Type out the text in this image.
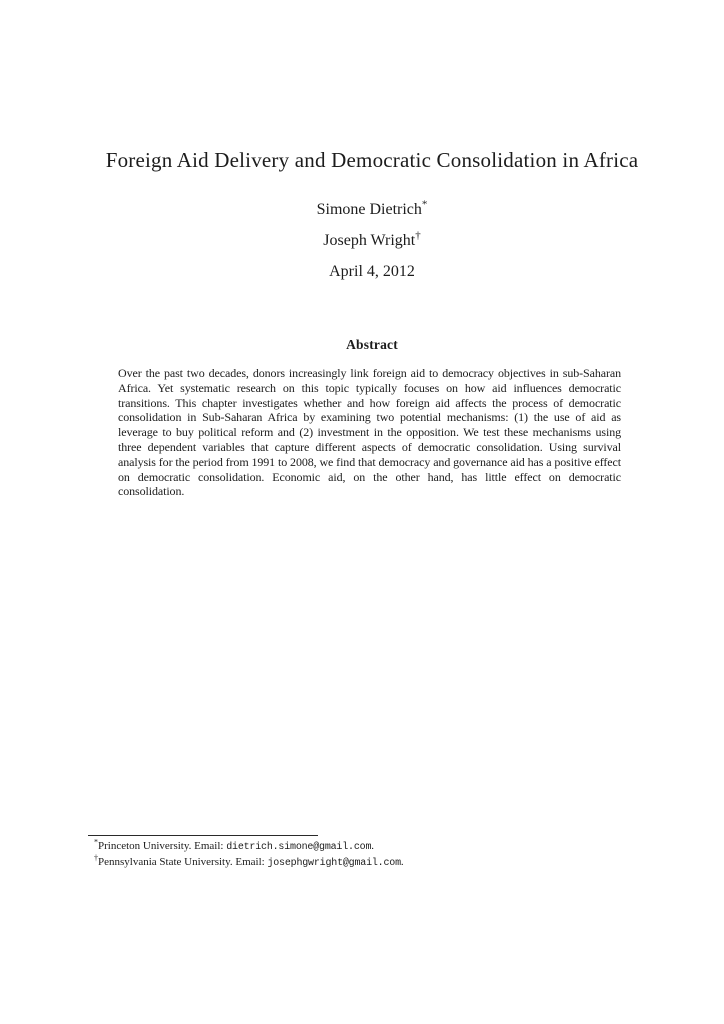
Foreign Aid Delivery and Democratic Consolidation in Africa
Simone Dietrich*
Joseph Wright†
April 4, 2012
Abstract
Over the past two decades, donors increasingly link foreign aid to democracy objectives in sub-Saharan Africa. Yet systematic research on this topic typically focuses on how aid influences democratic transitions. This chapter investigates whether and how foreign aid affects the process of democratic consolidation in Sub-Saharan Africa by examining two potential mechanisms: (1) the use of aid as leverage to buy political reform and (2) investment in the opposition. We test these mechanisms using three dependent variables that capture different aspects of democratic consolidation. Using survival analysis for the period from 1991 to 2008, we find that democracy and governance aid has a positive effect on democratic consolidation. Economic aid, on the other hand, has little effect on democratic consolidation.
*Princeton University. Email: dietrich.simone@gmail.com.
†Pennsylvania State University. Email: josephgwright@gmail.com.
